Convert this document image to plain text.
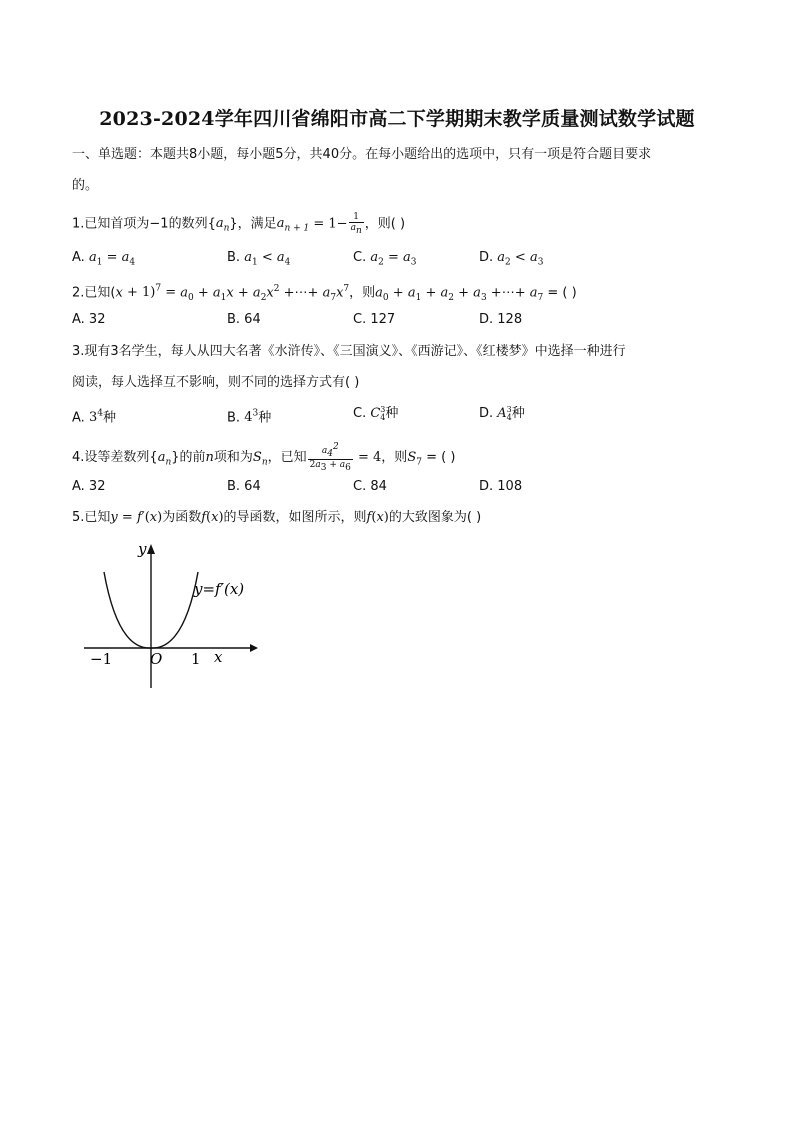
2023-2024学年四川省绵阳市高二下学期期末教学质量测试数学试题
一、单选题：本题共8小题，每小题5分，共40分。在每小题给出的选项中，只有一项是符合题目要求
的。
1.已知首项为−1的数列$\{a_n\}$，满足$a_{n + 1} = 1- \frac{1}{a_n}$ ，则( )
A. $a_1 = a_4$	B. $a_1 < a_4$	C. $a_2 = a_3$	D. $a_2 < a_3$
2.已知$(x + 1)^7 = a_0 + a_1x + a_2x^2$ +⋯+ $a_7x^7$，则$a_0 + a_1 + a_2 + a_3$ +⋯+ $a_7$ = ( )
A. 32	B. 64	C. 127	D. 128
3.现有3名学生，每人从四大名著《水浒传》、《三国演义》、《西游记》、《红楼梦》中选择一种进行
阅读，每人选择互不影响，则不同的选择方式有( )
A. $3^4$种	B. $4^3$种	C. C3
4种	D. A3
4种
4.设等差数列$\{a_n\}$的前n项和为$S_n$，已知 $\frac{a_4^2}{2a_3 + a_6} = 4$，则$S_7$ = ( )
A. 32	B. 64	C. 84	D. 108
5.已知y = f′(x)为函数f(x)的导函数，如图所示，则f(x)的大致图象为( )
y
x
O
−1	1
y=f′(x)
